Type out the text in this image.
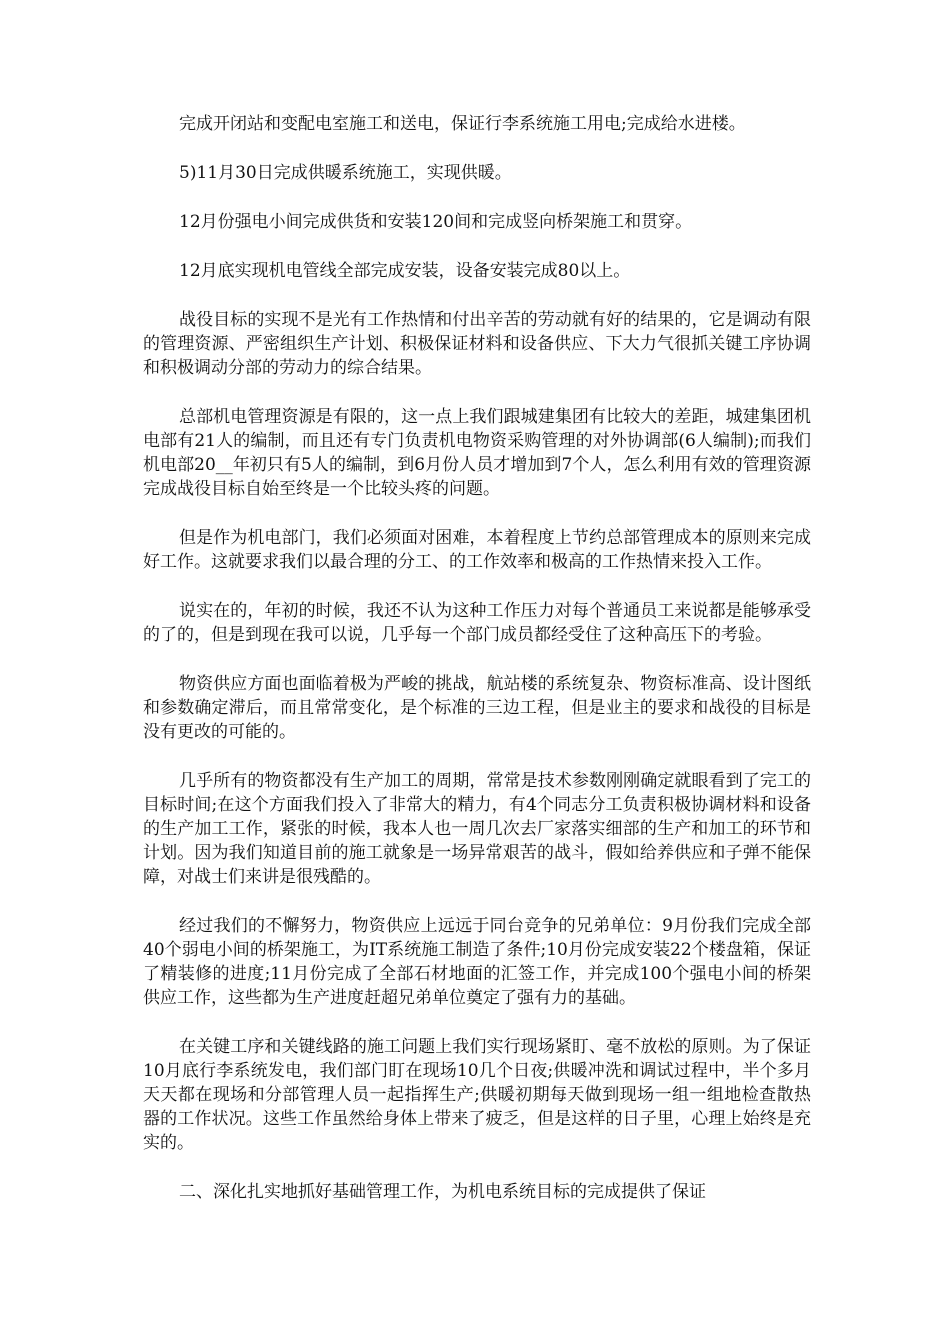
完成开闭站和变配电室施工和送电，保证行李系统施工用电;完成给水进楼。

5)11月30日完成供暖系统施工，实现供暖。

12月份强电小间完成供货和安装120间和完成竖向桥架施工和贯穿。

12月底实现机电管线全部完成安装，设备安装完成80以上。

战役目标的实现不是光有工作热情和付出辛苦的劳动就有好的结果的，它是调动有限的管理资源、严密组织生产计划、积极保证材料和设备供应、下大力气很抓关键工序协调和积极调动分部的劳动力的综合结果。

总部机电管理资源是有限的，这一点上我们跟城建集团有比较大的差距，城建集团机电部有21人的编制，而且还有专门负责机电物资采购管理的对外协调部(6人编制);而我们机电部20__年初只有5人的编制，到6月份人员才增加到7个人，怎么利用有效的管理资源完成战役目标自始至终是一个比较头疼的问题。

但是作为机电部门，我们必须面对困难，本着程度上节约总部管理成本的原则来完成好工作。这就要求我们以最合理的分工、的工作效率和极高的工作热情来投入工作。

说实在的，年初的时候，我还不认为这种工作压力对每个普通员工来说都是能够承受的了的，但是到现在我可以说，几乎每一个部门成员都经受住了这种高压下的考验。

物资供应方面也面临着极为严峻的挑战，航站楼的系统复杂、物资标准高、设计图纸和参数确定滞后，而且常常变化，是个标准的三边工程，但是业主的要求和战役的目标是没有更改的可能的。

几乎所有的物资都没有生产加工的周期，常常是技术参数刚刚确定就眼看到了完工的目标时间;在这个方面我们投入了非常大的精力，有4个同志分工负责积极协调材料和设备的生产加工工作，紧张的时候，我本人也一周几次去厂家落实细部的生产和加工的环节和计划。因为我们知道目前的施工就象是一场异常艰苦的战斗，假如给养供应和子弹不能保障，对战士们来讲是很残酷的。

经过我们的不懈努力，物资供应上远远于同台竞争的兄弟单位：9月份我们完成全部40个弱电小间的桥架施工，为IT系统施工制造了条件;10月份完成安装22个楼盘箱，保证了精装修的进度;11月份完成了全部石材地面的汇签工作，并完成100个强电小间的桥架供应工作，这些都为生产进度赶超兄弟单位奠定了强有力的基础。

在关键工序和关键线路的施工问题上我们实行现场紧盯、毫不放松的原则。为了保证10月底行李系统发电，我们部门盯在现场10几个日夜;供暖冲洗和调试过程中，半个多月天天都在现场和分部管理人员一起指挥生产;供暖初期每天做到现场一组一组地检查散热器的工作状况。这些工作虽然给身体上带来了疲乏，但是这样的日子里，心理上始终是充实的。

二、深化扎实地抓好基础管理工作，为机电系统目标的完成提供了保证
